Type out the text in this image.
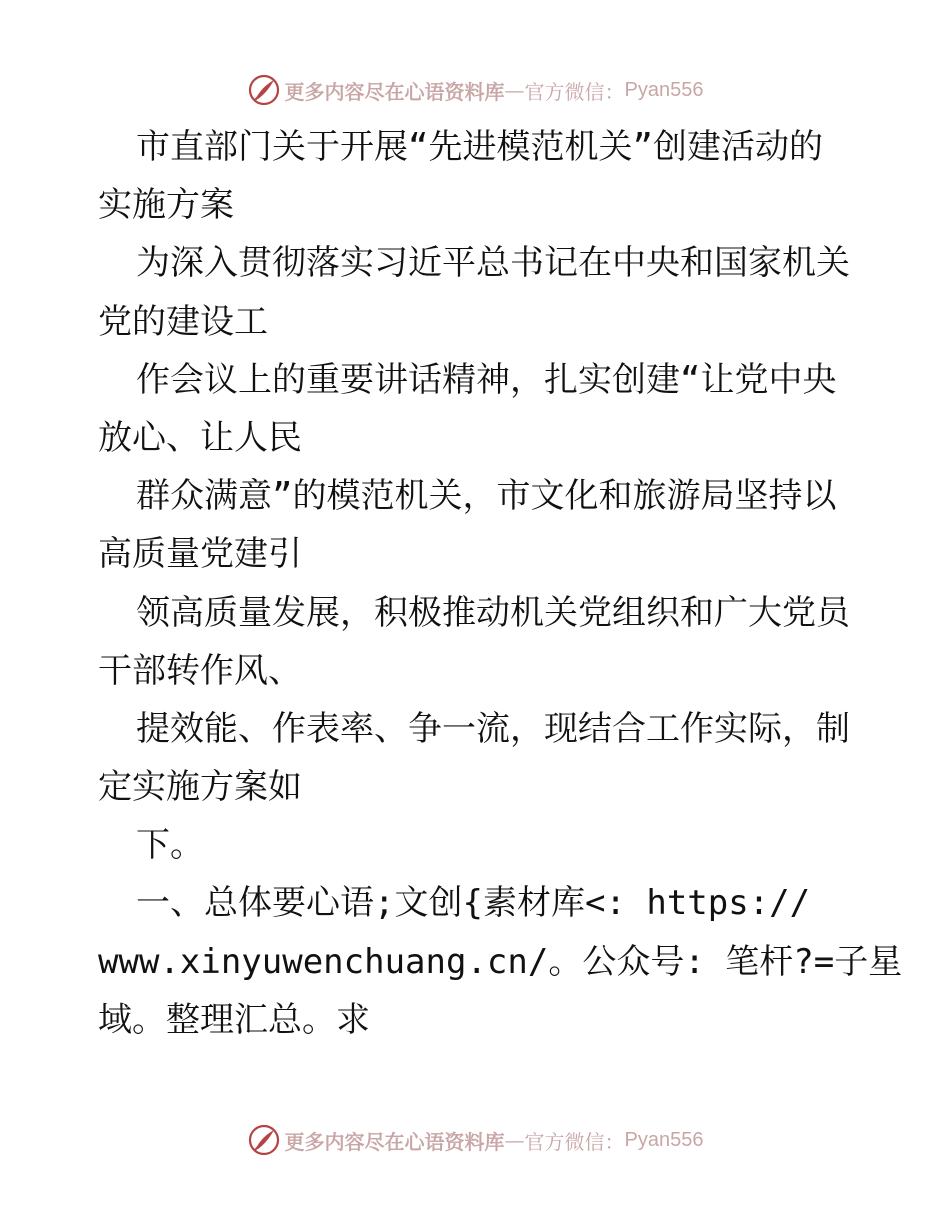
更多内容尽在心语资料库 — 官方微信： Pyan556
市直部门关于开展“先进模范机关”创建活动的
实施方案
为深入贯彻落实习近平总书记在中央和国家机关
党的建设工
作会议上的重要讲话精神，扎实创建“让党中央
放心、让人民
群众满意”的模范机关，市文化和旅游局坚持以
高质量党建引
领高质量发展，积极推动机关党组织和广大党员
干部转作风、
提效能、作表率、争一流，现结合工作实际，制
定实施方案如
下。
一、总体要心语;文创{素材库<: https://
www.xinyuwenchuang.cn/。公众号: 笔杆?=子星
域。整理汇总。求
更多内容尽在心语资料库 — 官方微信： Pyan556
